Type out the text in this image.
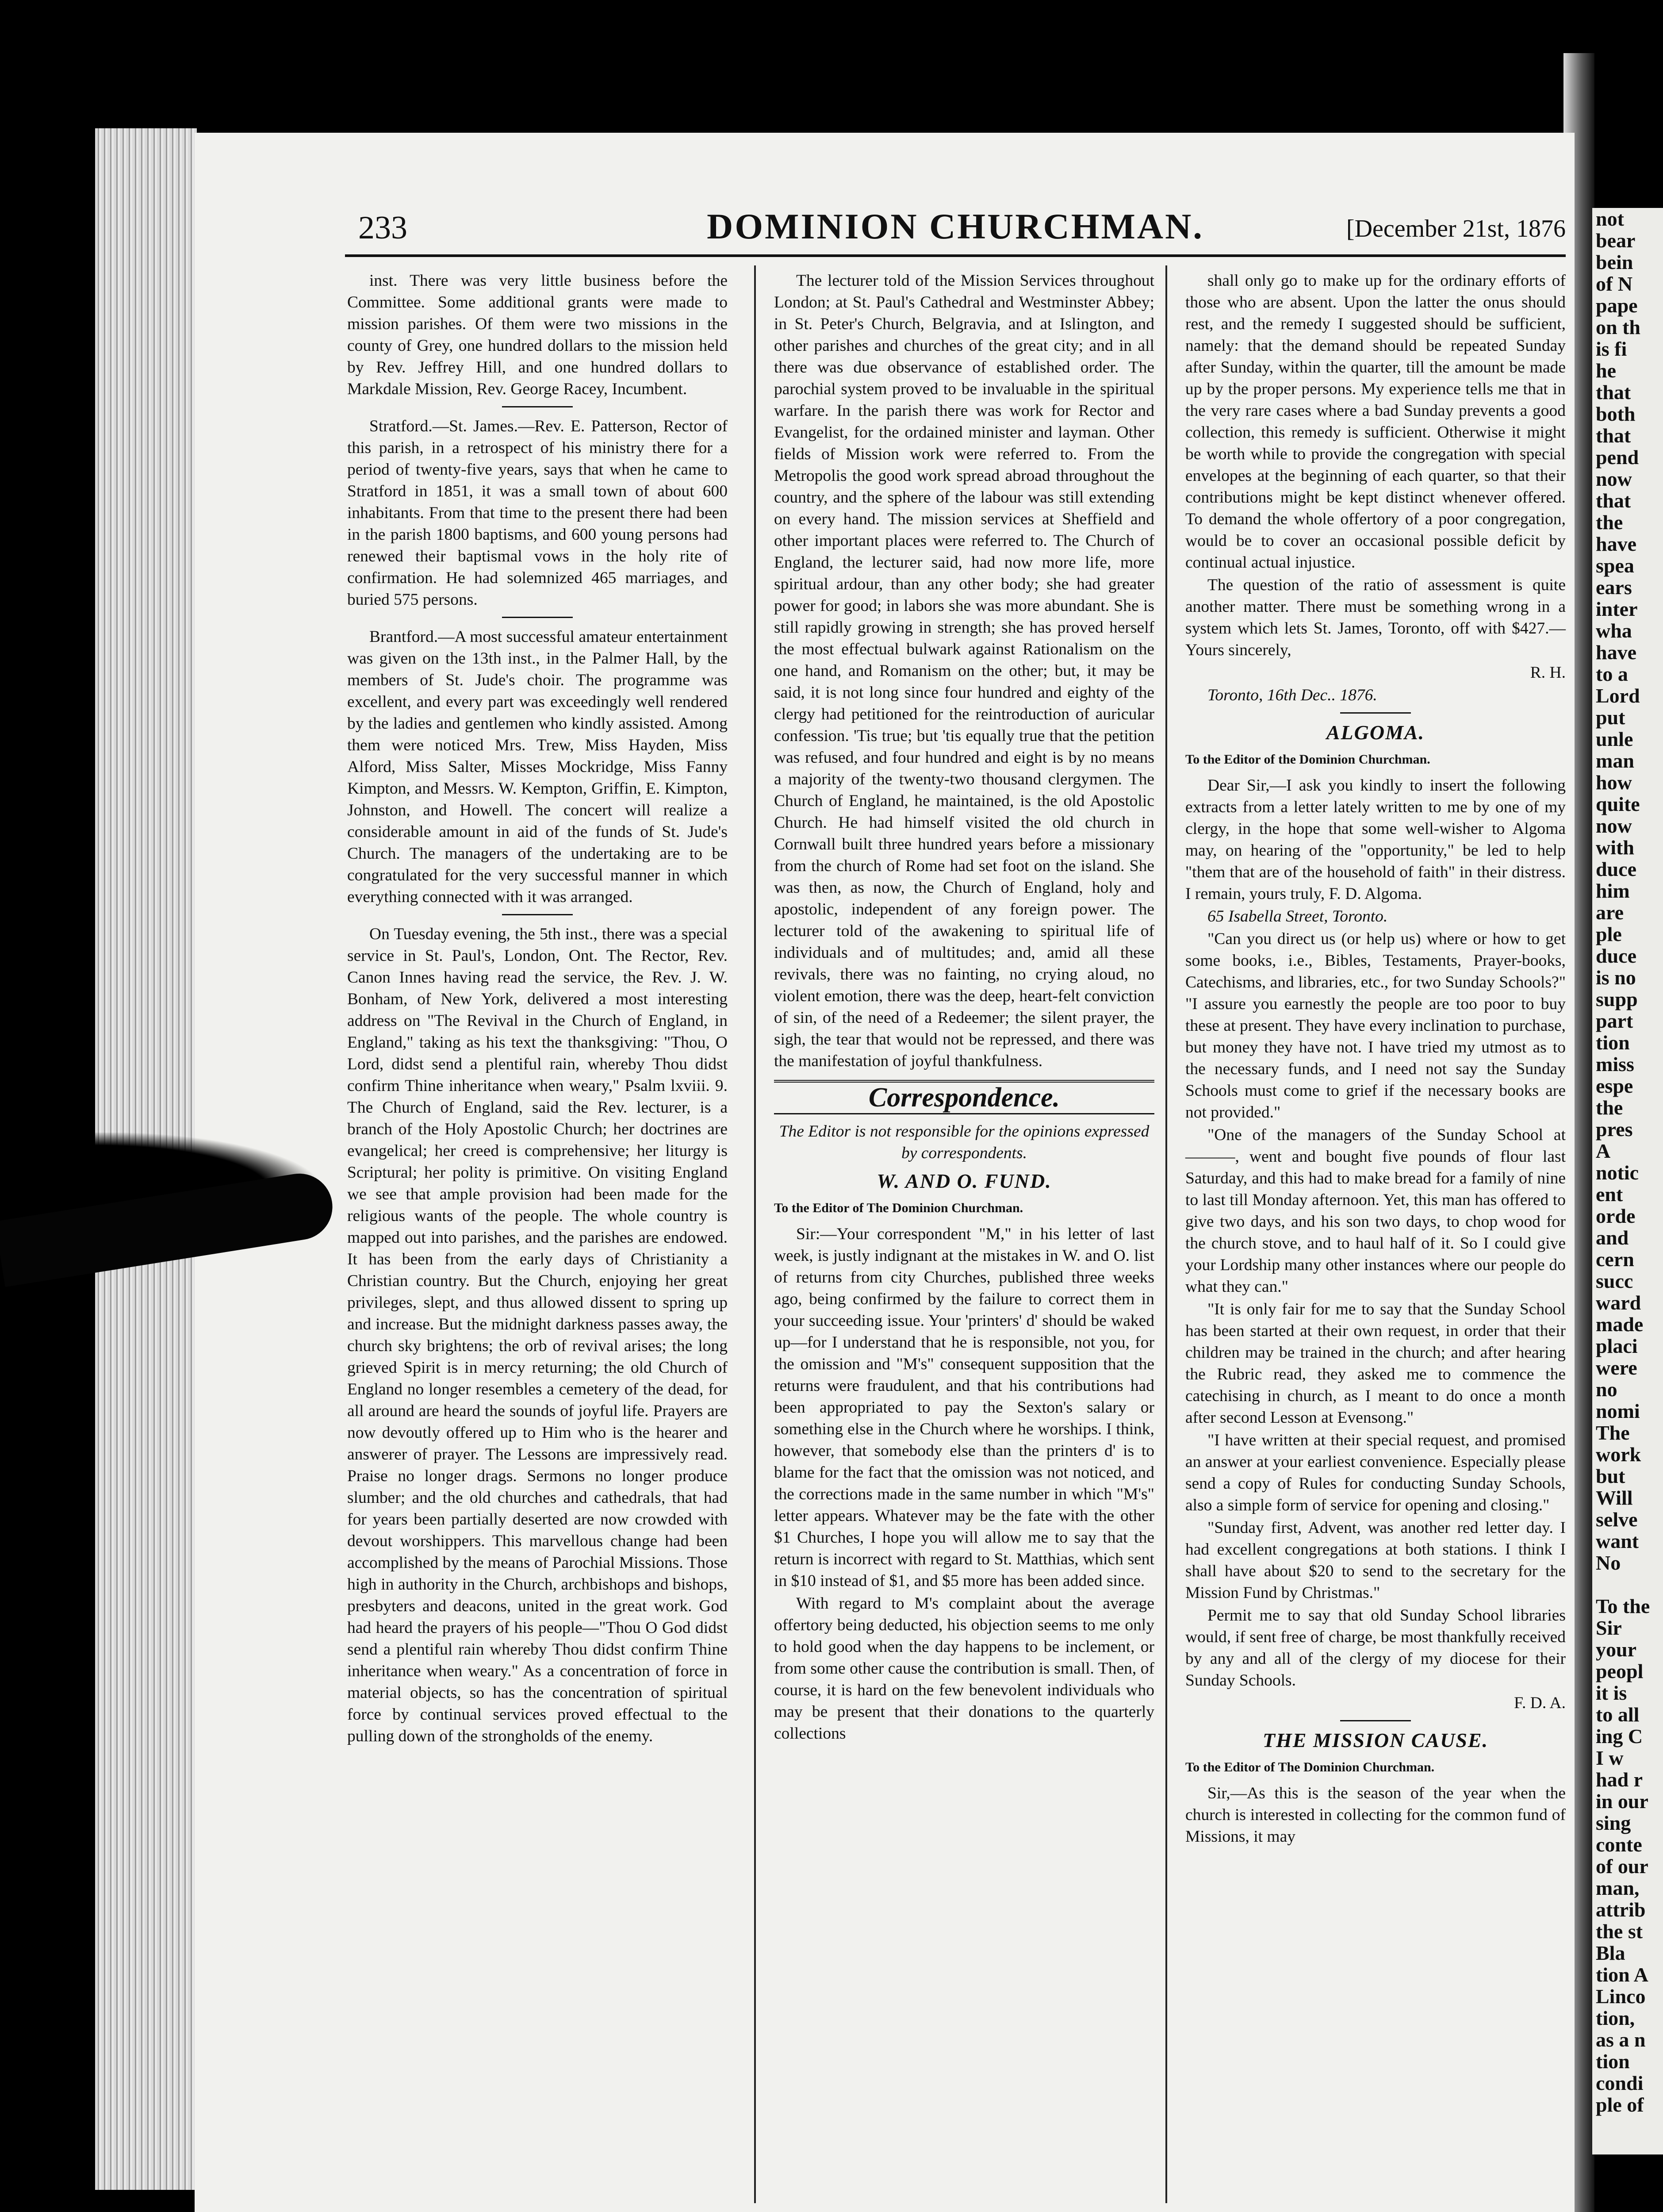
233	DOMINION CHURCHMAN.	[December 21st, 1876

inst. There was very little business before the Committee. Some additional grants were made to mission parishes. Of them were two missions in the county of Grey, one hundred dollars to the mission held by Rev. Jeffrey Hill, and one hundred dollars to Markdale Mission, Rev. George Racey, Incumbent.

Stratford.—St. James.—Rev. E. Patterson, Rector of this parish, in a retrospect of his ministry there for a period of twenty-five years, says that when he came to Stratford in 1851, it was a small town of about 600 inhabitants. From that time to the present there had been in the parish 1800 baptisms, and 600 young persons had renewed their baptismal vows in the holy rite of confirmation. He had solemnized 465 marriages, and buried 575 persons.

Brantford.—A most successful amateur entertainment was given on the 13th inst., in the Palmer Hall, by the members of St. Jude's choir. The programme was excellent, and every part was exceedingly well rendered by the ladies and gentlemen who kindly assisted. Among them were noticed Mrs. Trew, Miss Hayden, Miss Alford, Miss Salter, Misses Mockridge, Miss Fanny Kimpton, and Messrs. W. Kempton, Griffin, E. Kimpton, Johnston, and Howell. The concert will realize a considerable amount in aid of the funds of St. Jude's Church. The managers of the undertaking are to be congratulated for the very successful manner in which everything connected with it was arranged.

On Tuesday evening, the 5th inst., there was a special service in St. Paul's, London, Ont. The Rector, Rev. Canon Innes having read the service, the Rev. J. W. Bonham, of New York, delivered a most interesting address on "The Revival in the Church of England, in England," taking as his text the thanksgiving: "Thou, O Lord, didst send a plentiful rain, whereby Thou didst confirm Thine inheritance when weary," Psalm lxviii. 9. The Church of England, said the Rev. lecturer, is a branch of the Holy Apostolic Church; her doctrines are evangelical; her creed is comprehensive; her liturgy is Scriptural; her polity is primitive. On visiting England we see that ample provision had been made for the religious wants of the people. The whole country is mapped out into parishes, and the parishes are endowed. It has been from the early days of Christianity a Christian country. But the Church, enjoying her great privileges, slept, and thus allowed dissent to spring up and increase. But the midnight darkness passes away, the church sky brightens; the orb of revival arises; the long grieved Spirit is in mercy returning; the old Church of England no longer resembles a cemetery of the dead, for all around are heard the sounds of joyful life. Prayers are now devoutly offered up to Him who is the hearer and answerer of prayer. The Lessons are impressively read. Praise no longer drags. Sermons no longer produce slumber; and the old churches and cathedrals, that had for years been partially deserted are now crowded with devout worshippers. This marvellous change had been accomplished by the means of Parochial Missions. Those high in authority in the Church, archbishops and bishops, presbyters and deacons, united in the great work. God had heard the prayers of his people—"Thou O God didst send a plentiful rain whereby Thou didst confirm Thine inheritance when weary." As a concentration of force in material objects, so has the concentration of spiritual force by continual services proved effectual to the pulling down of the strongholds of the enemy.

The lecturer told of the Mission Services throughout London; at St. Paul's Cathedral and Westminster Abbey; in St. Peter's Church, Belgravia, and at Islington, and other parishes and churches of the great city; and in all there was due observance of established order. The parochial system proved to be invaluable in the spiritual warfare. In the parish there was work for Rector and Evangelist, for the ordained minister and layman. Other fields of Mission work were referred to. From the Metropolis the good work spread abroad throughout the country, and the sphere of the labour was still extending on every hand. The mission services at Sheffield and other important places were referred to. The Church of England, the lecturer said, had now more life, more spiritual ardour, than any other body; she had greater power for good; in labors she was more abundant. She is still rapidly growing in strength; she has proved herself the most effectual bulwark against Rationalism on the one hand, and Romanism on the other; but, it may be said, it is not long since four hundred and eighty of the clergy had petitioned for the reintroduction of auricular confession. 'Tis true; but 'tis equally true that the petition was refused, and four hundred and eight is by no means a majority of the twenty-two thousand clergymen. The Church of England, he maintained, is the old Apostolic Church. He had himself visited the old church in Cornwall built three hundred years before a missionary from the church of Rome had set foot on the island. She was then, as now, the Church of England, holy and apostolic, independent of any foreign power. The lecturer told of the awakening to spiritual life of individuals and of multitudes; and, amid all these revivals, there was no fainting, no crying aloud, no violent emotion, there was the deep, heart-felt conviction of sin, of the need of a Redeemer; the silent prayer, the sigh, the tear that would not be repressed, and there was the manifestation of joyful thankfulness.

Correspondence.

The Editor is not responsible for the opinions expressed by correspondents.

W. AND O. FUND.

To the Editor of The Dominion Churchman.

Sir:—Your correspondent "M," in his letter of last week, is justly indignant at the mistakes in W. and O. list of returns from city Churches, published three weeks ago, being confirmed by the failure to correct them in your succeeding issue. Your 'printers' d' should be waked up—for I understand that he is responsible, not you, for the omission and "M's" consequent supposition that the returns were fraudulent, and that his contributions had been appropriated to pay the Sexton's salary or something else in the Church where he worships. I think, however, that somebody else than the printers d' is to blame for the fact that the omission was not noticed, and the corrections made in the same number in which "M's" letter appears. Whatever may be the fate with the other $1 Churches, I hope you will allow me to say that the return is incorrect with regard to St. Matthias, which sent in $10 instead of $1, and $5 more has been added since.

With regard to M's complaint about the average offertory being deducted, his objection seems to me only to hold good when the day happens to be inclement, or from some other cause the contribution is small. Then, of course, it is hard on the few benevolent individuals who may be present that their donations to the quarterly collections

shall only go to make up for the ordinary efforts of those who are absent. Upon the latter the onus should rest, and the remedy I suggested should be sufficient, namely: that the demand should be repeated Sunday after Sunday, within the quarter, till the amount be made up by the proper persons. My experience tells me that in the very rare cases where a bad Sunday prevents a good collection, this remedy is sufficient. Otherwise it might be worth while to provide the congregation with special envelopes at the beginning of each quarter, so that their contributions might be kept distinct whenever offered. To demand the whole offertory of a poor congregation, would be to cover an occasional possible deficit by continual actual injustice.

The question of the ratio of assessment is quite another matter. There must be something wrong in a system which lets St. James, Toronto, off with $427.— Yours sincerely,

R. H.

Toronto, 16th Dec.. 1876.

ALGOMA.

To the Editor of the Dominion Churchman.

Dear Sir,—I ask you kindly to insert the following extracts from a letter lately written to me by one of my clergy, in the hope that some well-wisher to Algoma may, on hearing of the "opportunity," be led to help "them that are of the household of faith" in their distress. I remain, yours truly, F. D. Algoma.

65 Isabella Street, Toronto.

"Can you direct us (or help us) where or how to get some books, i.e., Bibles, Testaments, Prayer-books, Catechisms, and libraries, etc., for two Sunday Schools?" "I assure you earnestly the people are too poor to buy these at present. They have every inclination to purchase, but money they have not. I have tried my utmost as to the necessary funds, and I need not say the Sunday Schools must come to grief if the necessary books are not provided."

"One of the managers of the Sunday School at ———, went and bought five pounds of flour last Saturday, and this had to make bread for a family of nine to last till Monday afternoon. Yet, this man has offered to give two days, and his son two days, to chop wood for the church stove, and to haul half of it. So I could give your Lordship many other instances where our people do what they can."

"It is only fair for me to say that the Sunday School has been started at their own request, in order that their children may be trained in the church; and after hearing the Rubric read, they asked me to commence the catechising in church, as I meant to do once a month after second Lesson at Evensong."

"I have written at their special request, and promised an answer at your earliest convenience. Especially please send a copy of Rules for conducting Sunday Schools, also a simple form of service for opening and closing."

"Sunday first, Advent, was another red letter day. I had excellent congregations at both stations. I think I shall have about $20 to send to the secretary for the Mission Fund by Christmas."

Permit me to say that old Sunday School libraries would, if sent free of charge, be most thankfully received by any and all of the clergy of my diocese for their Sunday Schools.

F. D. A.

THE MISSION CAUSE.

To the Editor of The Dominion Churchman.

Sir,—As this is the season of the year when the church is interested in collecting for the common fund of Missions, it may

not
bear
bein
of N
pape
on th
is fi
he
that
both
that
pend
now
that
the
have
spea
ears
inter
wha
have
to a
Lord
put
unle
man
how
quite
now
with
duce
him
are
ple
duce
is no
supp
part
tion
miss
espe
the
pres
A
notic
ent
orde
and
cern
succ
ward
made
placi
were
no
nomi
The
work
but
Will
selve
want
No

To the
Sir
your
peopl
it is
to all
ing C
I w
had r
in our
sing
conte
of our
man,
attrib
the st
Bla
tion A
Linco
tion,
as a n
tion
condi
ple of
